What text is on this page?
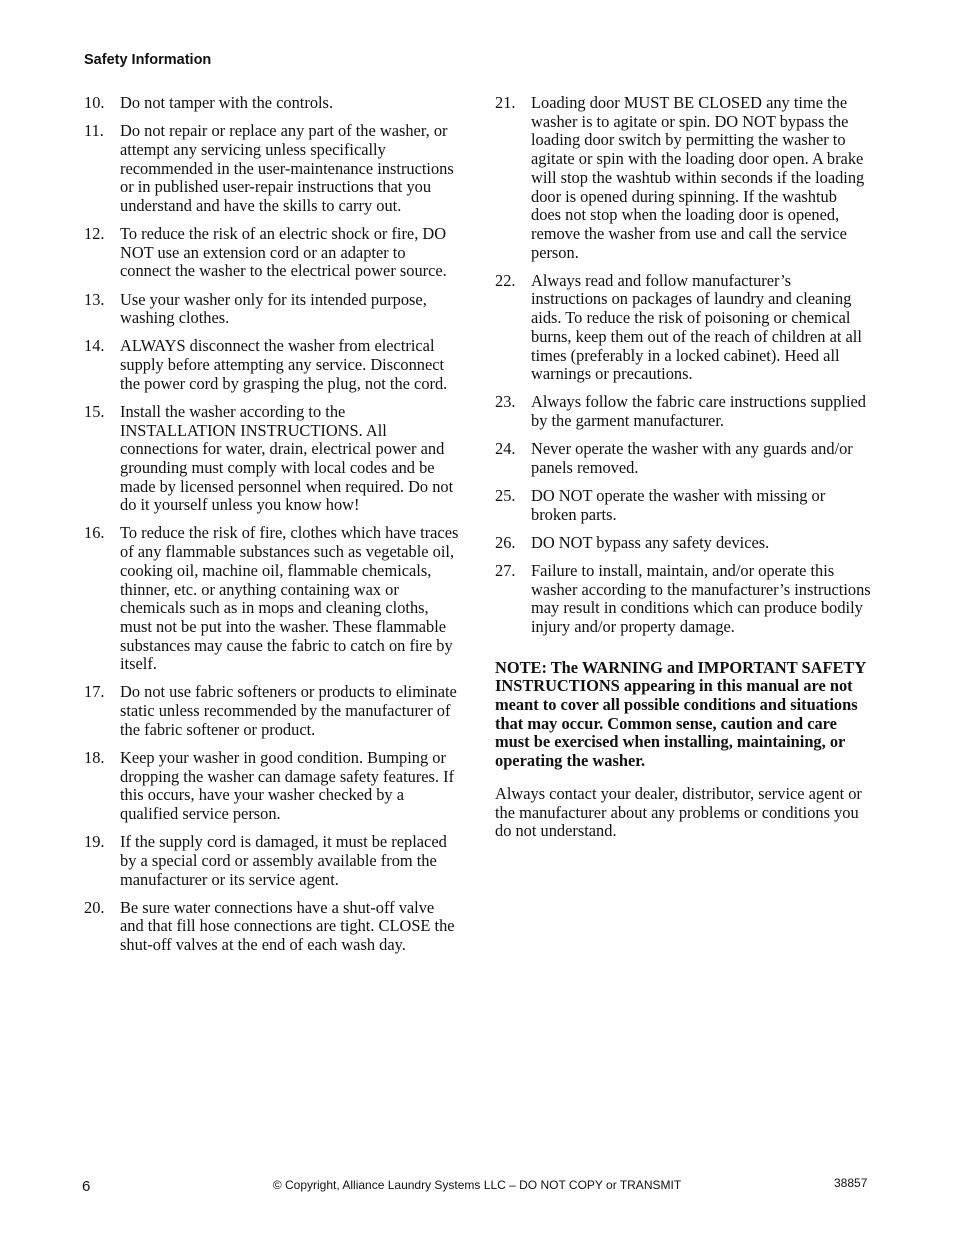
Safety Information
10. Do not tamper with the controls.
11. Do not repair or replace any part of the washer, or attempt any servicing unless specifically recommended in the user-maintenance instructions or in published user-repair instructions that you understand and have the skills to carry out.
12. To reduce the risk of an electric shock or fire, DO NOT use an extension cord or an adapter to connect the washer to the electrical power source.
13. Use your washer only for its intended purpose, washing clothes.
14. ALWAYS disconnect the washer from electrical supply before attempting any service. Disconnect the power cord by grasping the plug, not the cord.
15. Install the washer according to the INSTALLATION INSTRUCTIONS. All connections for water, drain, electrical power and grounding must comply with local codes and be made by licensed personnel when required. Do not do it yourself unless you know how!
16. To reduce the risk of fire, clothes which have traces of any flammable substances such as vegetable oil, cooking oil, machine oil, flammable chemicals, thinner, etc. or anything containing wax or chemicals such as in mops and cleaning cloths, must not be put into the washer. These flammable substances may cause the fabric to catch on fire by itself.
17. Do not use fabric softeners or products to eliminate static unless recommended by the manufacturer of the fabric softener or product.
18. Keep your washer in good condition. Bumping or dropping the washer can damage safety features. If this occurs, have your washer checked by a qualified service person.
19. If the supply cord is damaged, it must be replaced by a special cord or assembly available from the manufacturer or its service agent.
20. Be sure water connections have a shut-off valve and that fill hose connections are tight. CLOSE the shut-off valves at the end of each wash day.
21. Loading door MUST BE CLOSED any time the washer is to agitate or spin. DO NOT bypass the loading door switch by permitting the washer to agitate or spin with the loading door open. A brake will stop the washtub within seconds if the loading door is opened during spinning. If the washtub does not stop when the loading door is opened, remove the washer from use and call the service person.
22. Always read and follow manufacturer’s instructions on packages of laundry and cleaning aids. To reduce the risk of poisoning or chemical burns, keep them out of the reach of children at all times (preferably in a locked cabinet). Heed all warnings or precautions.
23. Always follow the fabric care instructions supplied by the garment manufacturer.
24. Never operate the washer with any guards and/or panels removed.
25. DO NOT operate the washer with missing or broken parts.
26. DO NOT bypass any safety devices.
27. Failure to install, maintain, and/or operate this washer according to the manufacturer’s instructions may result in conditions which can produce bodily injury and/or property damage.

NOTE: The WARNING and IMPORTANT SAFETY INSTRUCTIONS appearing in this manual are not meant to cover all possible conditions and situations that may occur. Common sense, caution and care must be exercised when installing, maintaining, or operating the washer.

Always contact your dealer, distributor, service agent or the manufacturer about any problems or conditions you do not understand.

6	© Copyright, Alliance Laundry Systems LLC – DO NOT COPY or TRANSMIT	38857
